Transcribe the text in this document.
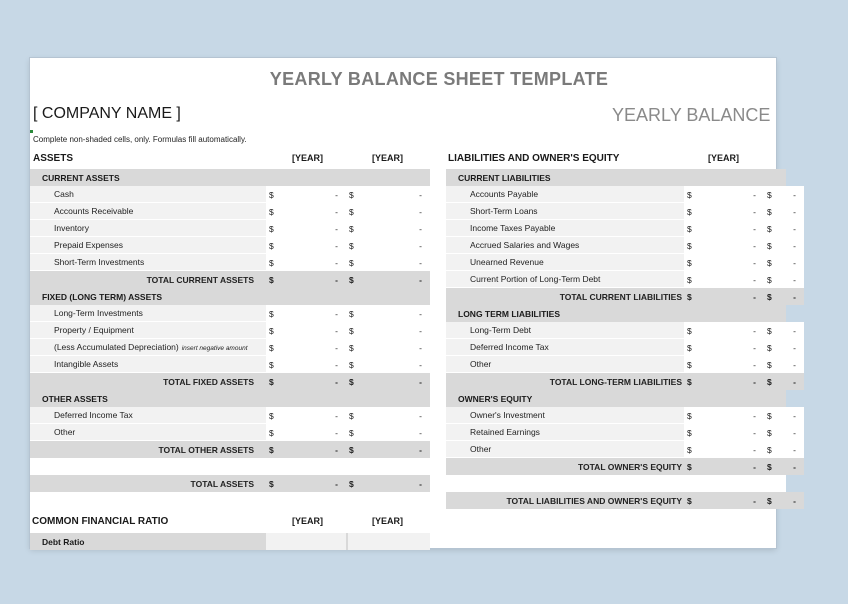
YEARLY BALANCE SHEET TEMPLATE
[ COMPANY NAME ]	YEARLY BALANCE
Complete non-shaded cells, only. Formulas fill automatically.
ASSETS	[YEAR]	[YEAR]	LIABILITIES AND OWNER'S EQUITY	[YEAR]
CURRENT ASSETS
Cash	$	- $	-
Accounts Receivable	$	- $	-
Inventory	$	- $	-
Prepaid Expenses	$	- $	-
Short-Term Investments	$	- $	-
TOTAL CURRENT ASSETS $	- $	-
FIXED (LONG TERM) ASSETS
Long-Term Investments	$	- $	-
Property / Equipment	$	- $	-
(Less Accumulated Depreciation) insert negative amount	$	- $	-
Intangible Assets	$	- $	-
TOTAL FIXED ASSETS $	- $	-
OTHER ASSETS
Deferred Income Tax	$	- $	-
Other	$	- $	-
TOTAL OTHER ASSETS $	- $	-
TOTAL ASSETS $	- $	-
CURRENT LIABILITIES
Accounts Payable	$	- $	-
Short-Term Loans	$	- $	-
Income Taxes Payable	$	- $	-
Accrued Salaries and Wages	$	- $	-
Unearned Revenue	$	- $	-
Current Portion of Long-Term Debt	$	- $	-
TOTAL CURRENT LIABILITIES $	- $	-
LONG TERM LIABILITIES
Long-Term Debt	$	- $	-
Deferred Income Tax	$	- $	-
Other	$	- $	-
TOTAL LONG-TERM LIABILITIES $	- $	-
OWNER'S EQUITY
Owner's Investment	$	- $	-
Retained Earnings	$	- $	-
Other	$	- $	-
TOTAL OWNER'S EQUITY $	- $	-
TOTAL LIABILITIES AND OWNER'S EQUITY $	- $	-
COMMON FINANCIAL RATIO	[YEAR]	[YEAR]
Debt Ratio
